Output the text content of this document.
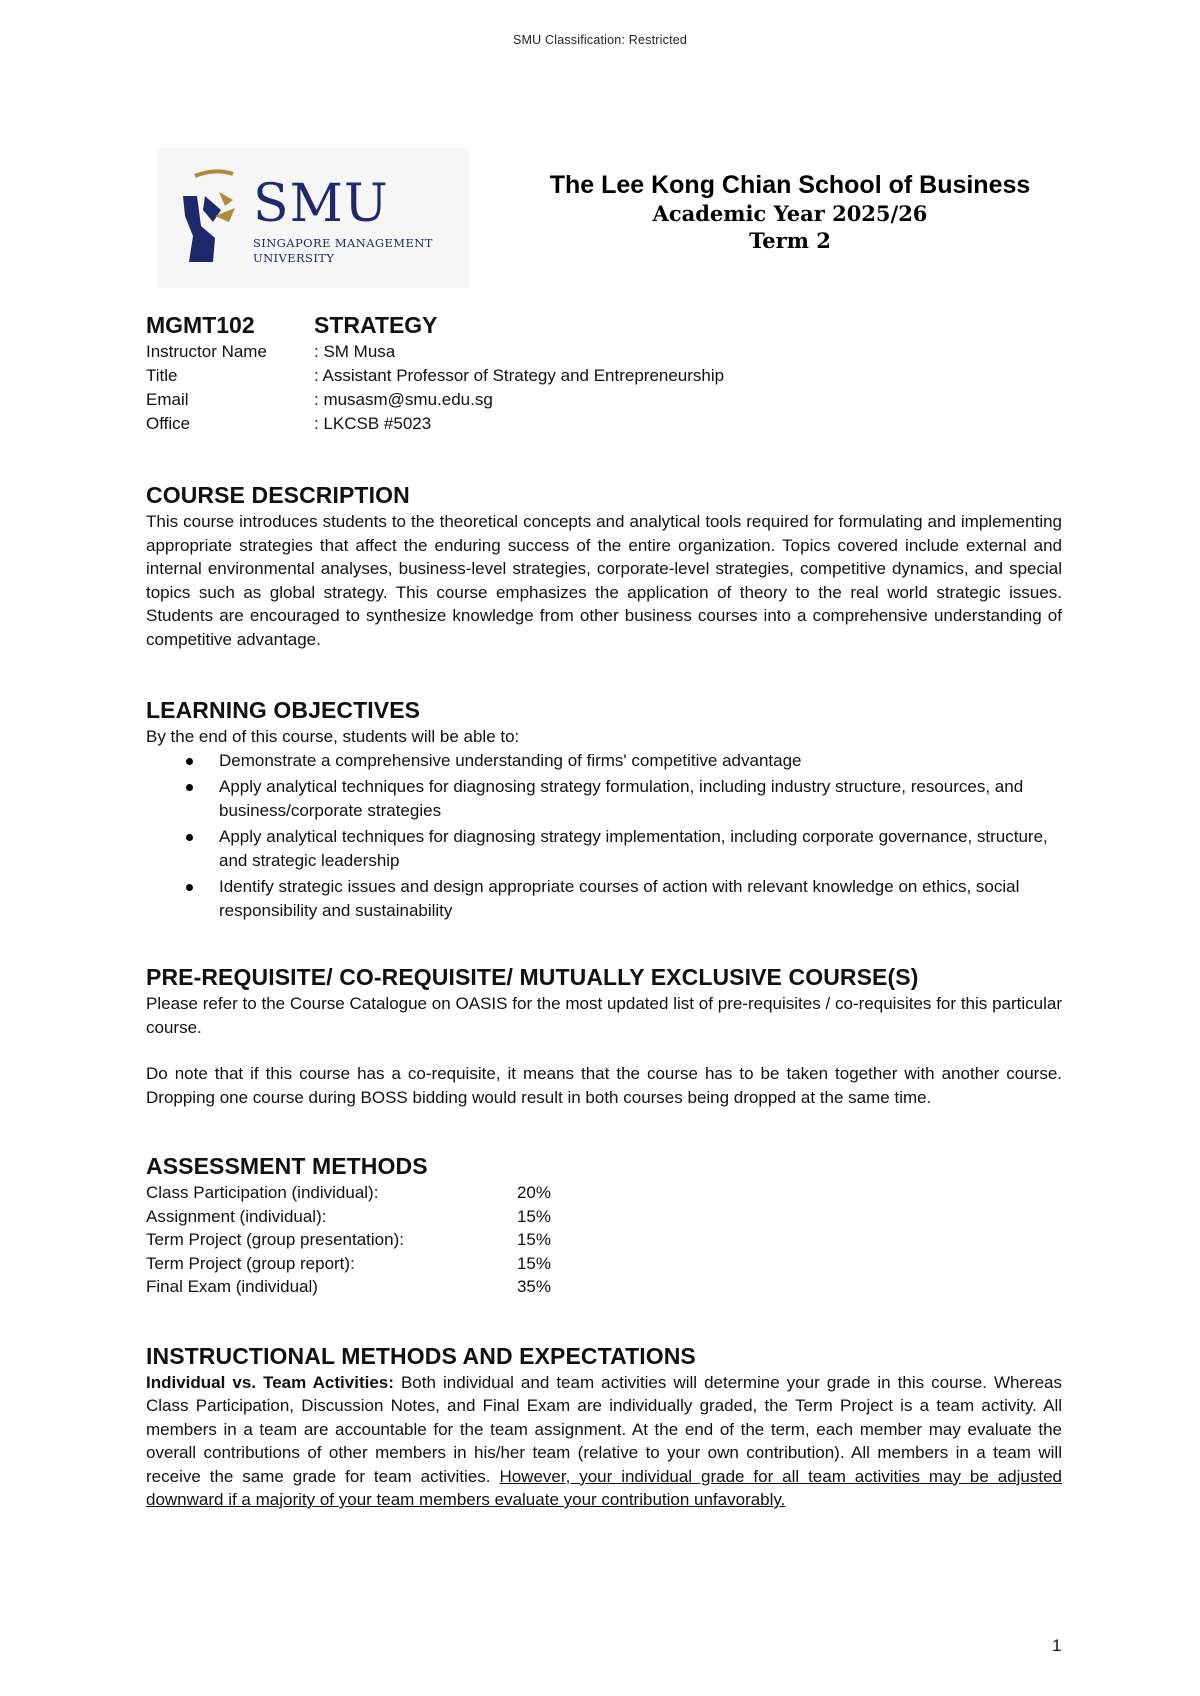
SMU Classification: Restricted
SMU
SINGAPORE MANAGEMENT
UNIVERSITY
The Lee Kong Chian School of Business
Academic Year 2025/26
Term 2
MGMT102	STRATEGY
Instructor Name	: SM Musa
Title	: Assistant Professor of Strategy and Entrepreneurship
Email	: musasm@smu.edu.sg
Office	: LKCSB #5023
COURSE DESCRIPTION

This course introduces students to the theoretical concepts and analytical tools required for formulating and implementing appropriate strategies that affect the enduring success of the entire organization. Topics covered include external and internal environmental analyses, business-level strategies, corporate-level strategies, competitive dynamics, and special topics such as global strategy. This course emphasizes the application of theory to the real world strategic issues. Students are encouraged to synthesize knowledge from other business courses into a comprehensive understanding of competitive advantage.

LEARNING OBJECTIVES

By the end of this course, students will be able to:

Demonstrate a comprehensive understanding of firms' competitive advantage
Apply analytical techniques for diagnosing strategy formulation, including industry structure, resources, and business/corporate strategies
Apply analytical techniques for diagnosing strategy implementation, including corporate governance, structure, and strategic leadership
Identify strategic issues and design appropriate courses of action with relevant knowledge on ethics, social responsibility and sustainability
PRE-REQUISITE/ CO-REQUISITE/ MUTUALLY EXCLUSIVE COURSE(S)

Please refer to the Course Catalogue on OASIS for the most updated list of pre-requisites / co-requisites for this particular course.

Do note that if this course has a co-requisite, it means that the course has to be taken together with another course. Dropping one course during BOSS bidding would result in both courses being dropped at the same time.

ASSESSMENT METHODS
Class Participation (individual):	20%
Assignment (individual):	15%
Term Project (group presentation):	15%
Term Project (group report):	15%
Final Exam (individual)	35%
INSTRUCTIONAL METHODS AND EXPECTATIONS

Individual vs. Team Activities: Both individual and team activities will determine your grade in this course. Whereas Class Participation, Discussion Notes, and Final Exam are individually graded, the Term Project is a team activity. All members in a team are accountable for the team assignment. At the end of the term, each member may evaluate the overall contributions of other members in his/her team (relative to your own contribution). All members in a team will receive the same grade for team activities. However, your individual grade for all team activities may be adjusted downward if a majority of your team members evaluate your contribution unfavorably.

1
